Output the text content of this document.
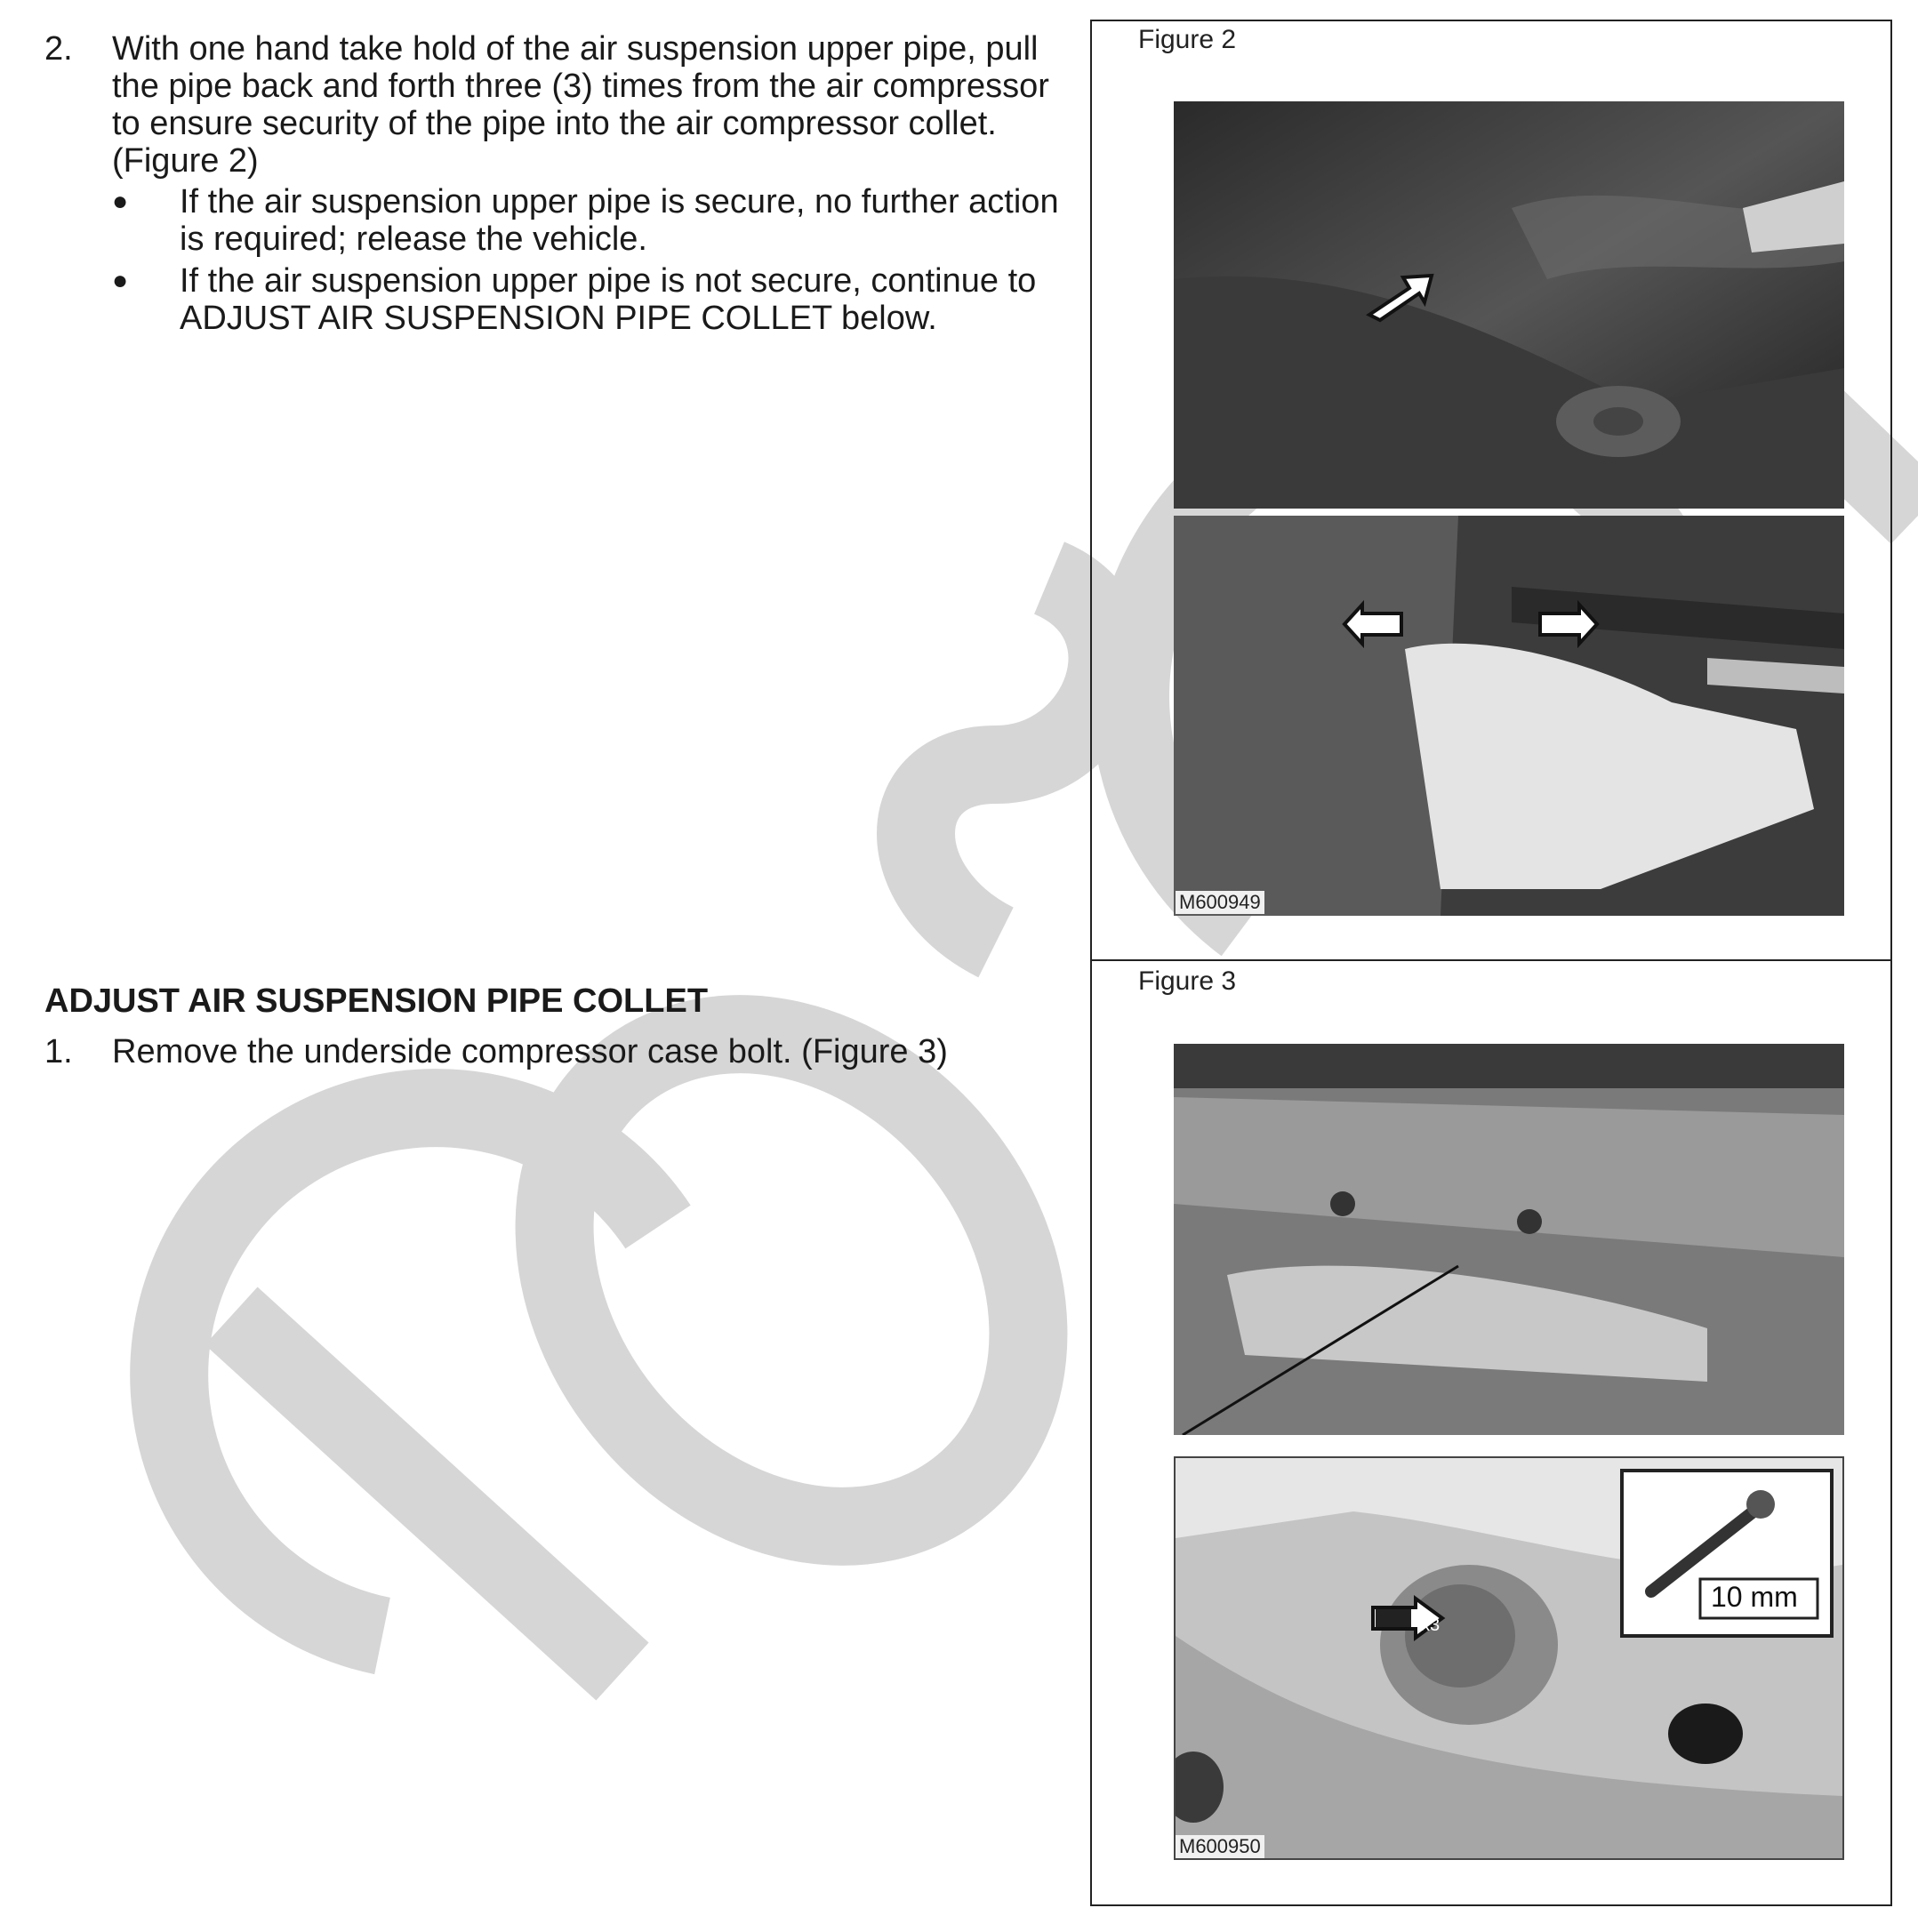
2.	With one hand take hold of the air suspension upper pipe, pull the pipe back and forth three (3) times from the air compressor to ensure security of the pipe into the air compressor collet. (Figure 2)
●	If the air suspension upper pipe is secure, no further action is required; release the vehicle.
●	If the air suspension upper pipe is not secure, continue to ADJUST AIR SUSPENSION PIPE COLLET below.
ADJUST AIR SUSPENSION PIPE COLLET
1.	Remove the underside compressor case bolt. (Figure 3)
Figure 2
M600949
Figure 3
x3
10 mm
M600950
